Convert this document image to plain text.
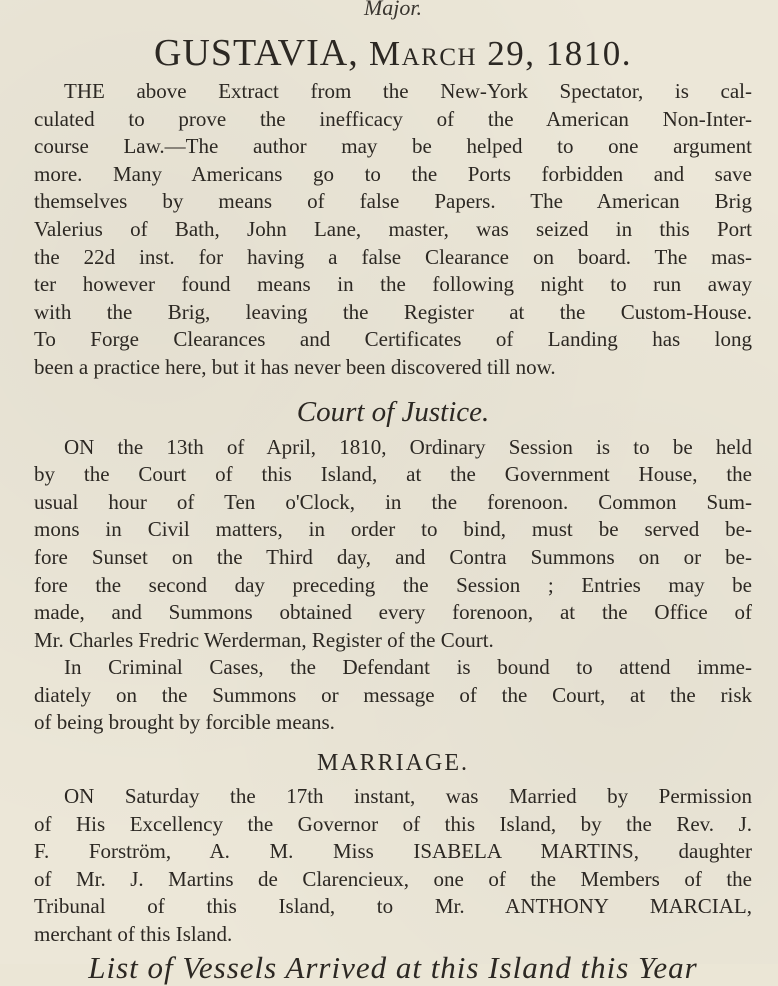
Major.
GUSTAVIA, March 29, 1810.
THE above Extract from the New-York Spectator, is cal-
culated to prove the inefficacy of the American Non-Inter-
course Law.—The author may be helped to one argument
more. Many Americans go to the Ports forbidden and save
themselves by means of false Papers. The American Brig
Valerius of Bath, John Lane, master, was seized in this Port
the 22d inst. for having a false Clearance on board. The mas-
ter however found means in the following night to run away
with the Brig, leaving the Register at the Custom-House.
To Forge Clearances and Certificates of Landing has long
been a practice here, but it has never been discovered till now.
Court of Justice.
ON the 13th of April, 1810, Ordinary Session is to be held
by the Court of this Island, at the Government House, the
usual hour of Ten o'Clock, in the forenoon. Common Sum-
mons in Civil matters, in order to bind, must be served be-
fore Sunset on the Third day, and Contra Summons on or be-
fore the second day preceding the Session ; Entries may be
made, and Summons obtained every forenoon, at the Office of
Mr. Charles Fredric Werderman, Register of the Court.
In Criminal Cases, the Defendant is bound to attend imme-
diately on the Summons or message of the Court, at the risk
of being brought by forcible means.
MARRIAGE.
ON Saturday the 17th instant, was Married by Permission
of His Excellency the Governor of this Island, by the Rev. J.
F. Forström, A. M. Miss ISABELA MARTINS, daughter
of Mr. J. Martins de Clarencieux, one of the Members of the
Tribunal of this Island, to Mr. ANTHONY MARCIAL,
merchant of this Island.
List of Vessels Arrived at this Island this Year
